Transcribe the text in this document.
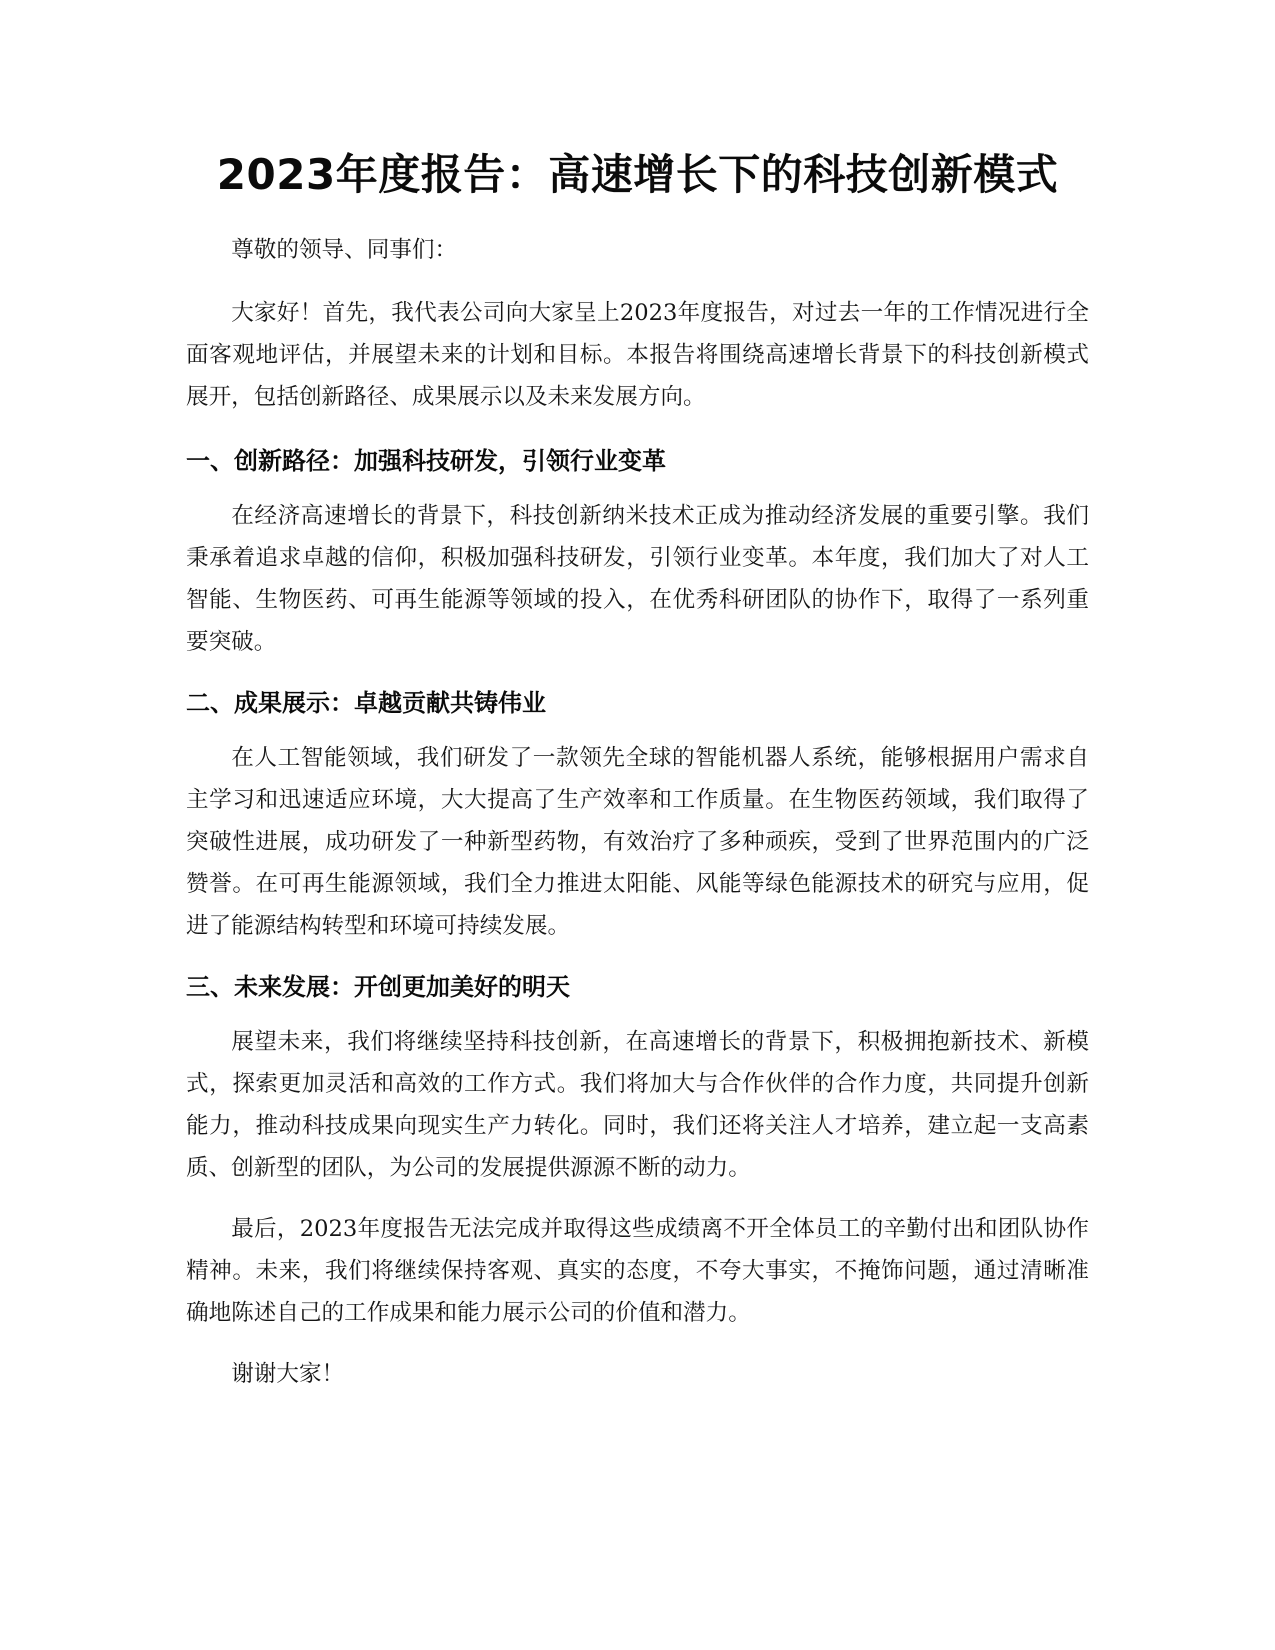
2023年度报告：高速增长下的科技创新模式

尊敬的领导、同事们：

大家好！首先，我代表公司向大家呈上2023年度报告，对过去一年的工作情况进行全面客观地评估，并展望未来的计划和目标。本报告将围绕高速增长背景下的科技创新模式展开，包括创新路径、成果展示以及未来发展方向。

一、创新路径：加强科技研发，引领行业变革

在经济高速增长的背景下，科技创新纳米技术正成为推动经济发展的重要引擎。我们秉承着追求卓越的信仰，积极加强科技研发，引领行业变革。本年度，我们加大了对人工智能、生物医药、可再生能源等领域的投入，在优秀科研团队的协作下，取得了一系列重要突破。

二、成果展示：卓越贡献共铸伟业

在人工智能领域，我们研发了一款领先全球的智能机器人系统，能够根据用户需求自主学习和迅速适应环境，大大提高了生产效率和工作质量。在生物医药领域，我们取得了突破性进展，成功研发了一种新型药物，有效治疗了多种顽疾，受到了世界范围内的广泛赞誉。在可再生能源领域，我们全力推进太阳能、风能等绿色能源技术的研究与应用，促进了能源结构转型和环境可持续发展。

三、未来发展：开创更加美好的明天

展望未来，我们将继续坚持科技创新，在高速增长的背景下，积极拥抱新技术、新模式，探索更加灵活和高效的工作方式。我们将加大与合作伙伴的合作力度，共同提升创新能力，推动科技成果向现实生产力转化。同时，我们还将关注人才培养，建立起一支高素质、创新型的团队，为公司的发展提供源源不断的动力。

最后，2023年度报告无法完成并取得这些成绩离不开全体员工的辛勤付出和团队协作精神。未来，我们将继续保持客观、真实的态度，不夸大事实，不掩饰问题，通过清晰准确地陈述自己的工作成果和能力展示公司的价值和潜力。

谢谢大家！
